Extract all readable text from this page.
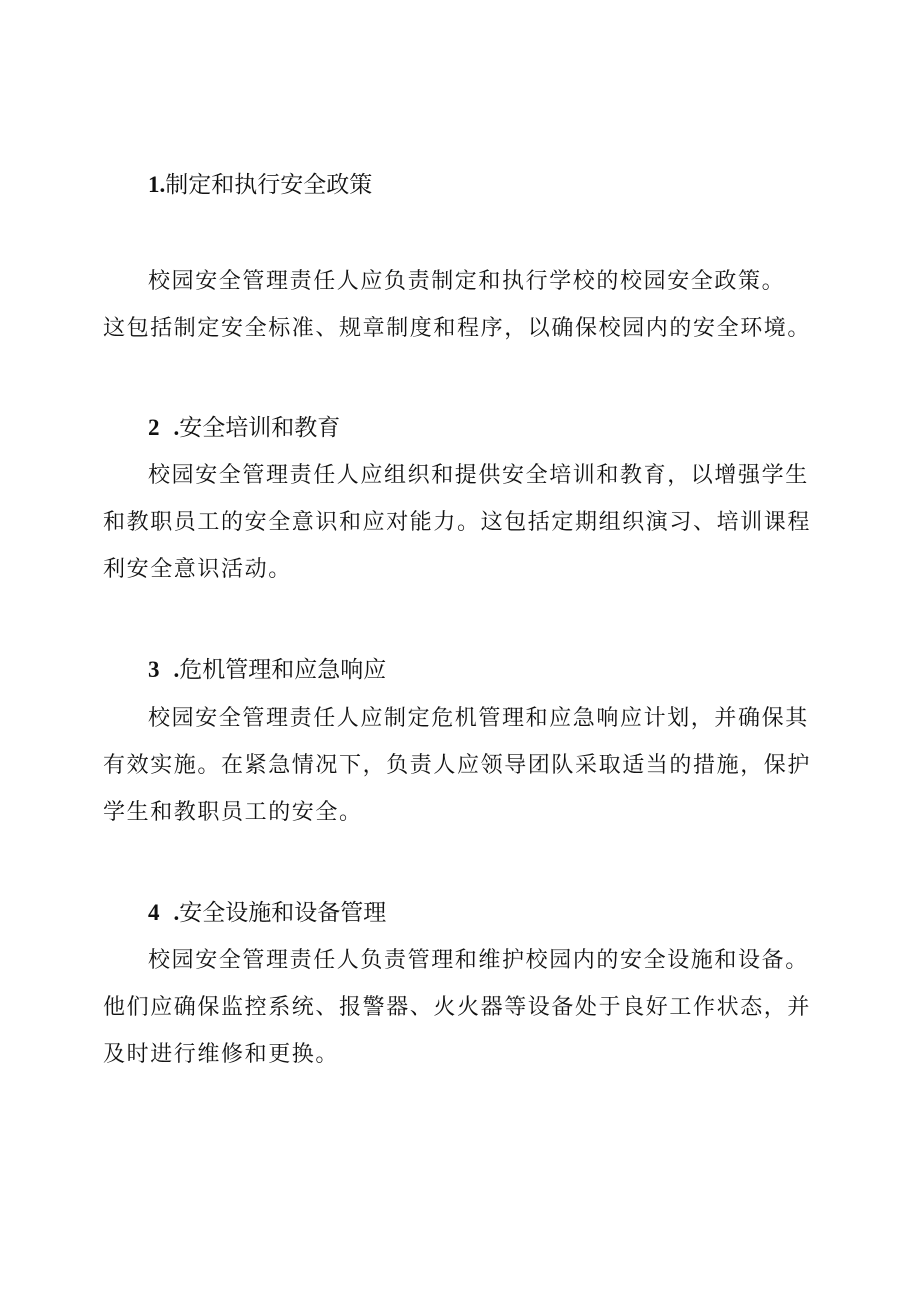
1.制定和执行安全政策
校园安全管理责任人应负责制定和执行学校的校园安全政策。
这包括制定安全标准、规章制度和程序，以确保校园内的安全环境。
2 .安全培训和教育
校园安全管理责任人应组织和提供安全培训和教育，以增强学生
和教职员工的安全意识和应对能力。这包括定期组织演习、培训课程
利安全意识活动。
3 .危机管理和应急响应
校园安全管理责任人应制定危机管理和应急响应计划，并确保其
有效实施。在紧急情况下，负责人应领导团队采取适当的措施，保护
学生和教职员工的安全。
4 .安全设施和设备管理
校园安全管理责任人负责管理和维护校园内的安全设施和设备。
他们应确保监控系统、报警器、火火器等设备处于良好工作状态，并
及时进行维修和更换。
